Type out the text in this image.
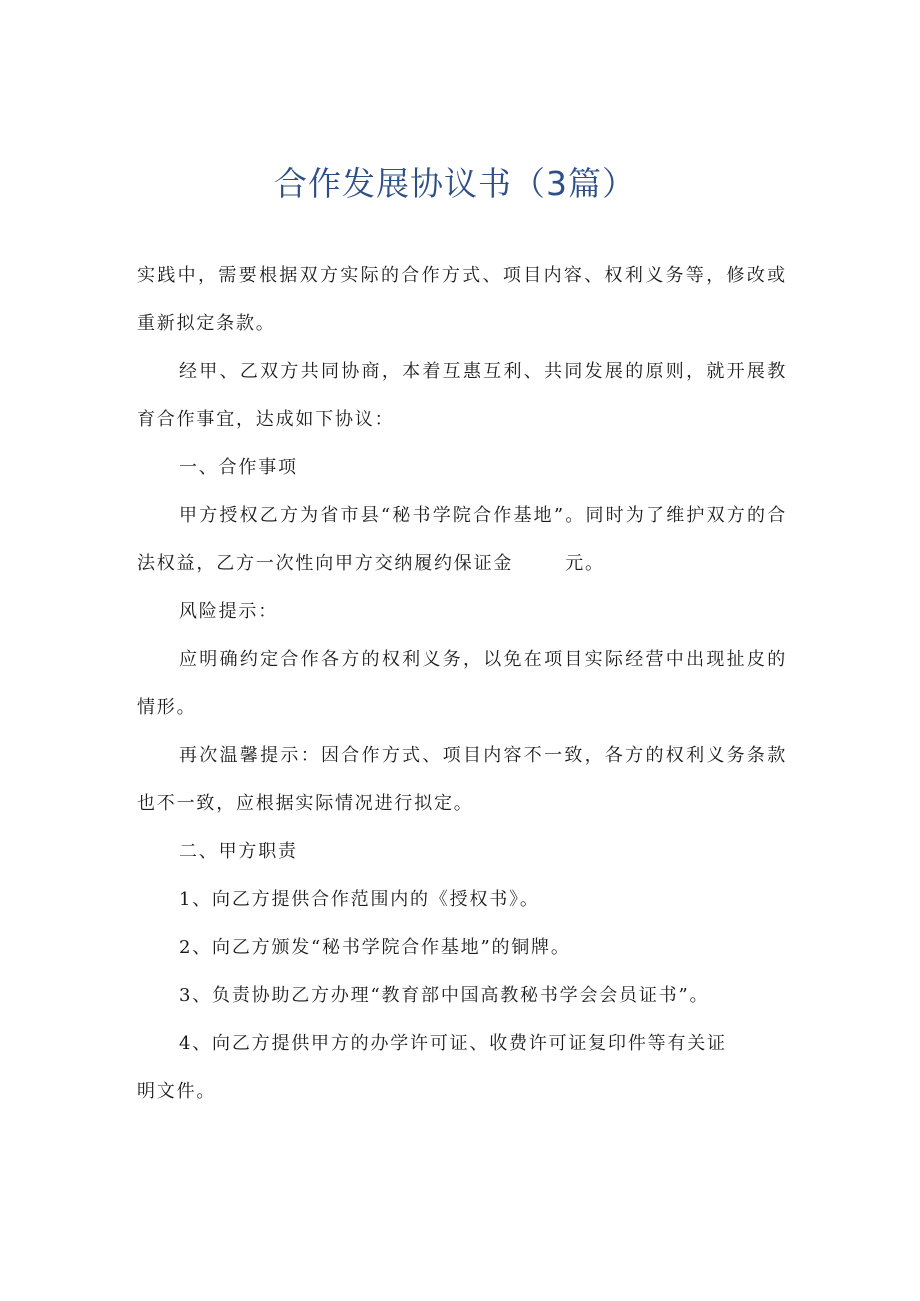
合作发展协议书（3篇）

实践中，需要根据双方实际的合作方式、项目内容、权利义务等，修改或重新拟定条款。

经甲、乙双方共同协商，本着互惠互利、共同发展的原则，就开展教育合作事宜，达成如下协议：

一、合作事项

甲方授权乙方为省市县“秘书学院合作基地”。同时为了维护双方的合法权益，乙方一次性向甲方交纳履约保证金	元。

风险提示：

应明确约定合作各方的权利义务，以免在项目实际经营中出现扯皮的情形。

再次温馨提示：因合作方式、项目内容不一致，各方的权利义务条款也不一致，应根据实际情况进行拟定。

二、甲方职责

1、向乙方提供合作范围内的《授权书》。

2、向乙方颁发“秘书学院合作基地”的铜牌。

3、负责协助乙方办理“教育部中国高教秘书学会会员证书”。

4、向乙方提供甲方的办学许可证、收费许可证复印件等有关证

明文件。
